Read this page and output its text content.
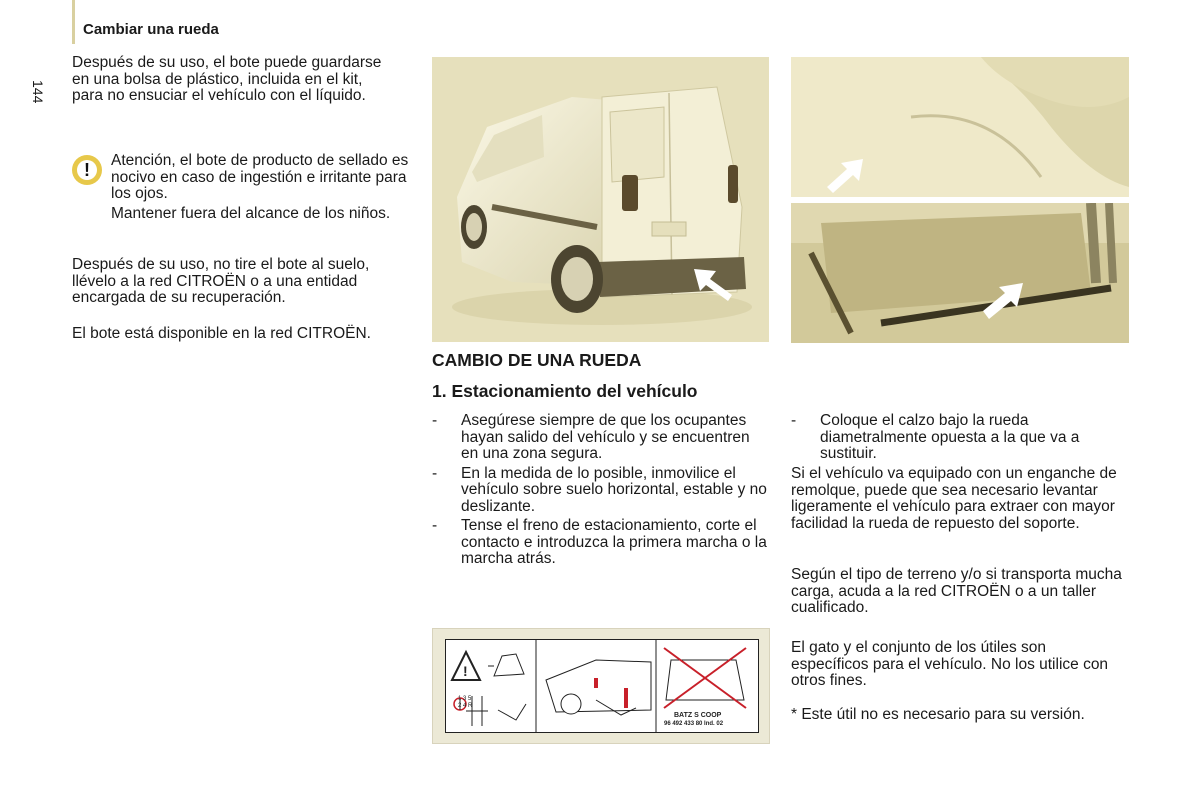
Cambiar una rueda
144

Después de su uso, el bote puede guardarse en una bolsa de plástico, incluida en el kit, para no ensuciar el vehículo con el líquido.

!	Atención, el bote de producto de sellado es nocivo en caso de ingestión e irritante para los ojos.

Mantener fuera del alcance de los niños.

Después de su uso, no tire el bote al suelo, llévelo a la red CITROËN o a una entidad encargada de su recuperación.

El bote está disponible en la red CITROËN.

CAMBIO DE UNA RUEDA
1. Estacionamiento del vehículo
- Asegúrese siempre de que los ocupantes hayan salido del vehículo y se encuentren en una zona segura.
- En la medida de lo posible, inmovilice el vehículo sobre suelo horizontal, estable y no deslizante.
- Tense el freno de estacionamiento, corte el contacto e introduzca la primera marcha o la marcha atrás.
- Coloque el calzo bajo la rueda diametralmente opuesta a la que va a sustituir.

Si el vehículo va equipado con un enganche de remolque, puede que sea necesario levantar ligeramente el vehículo para extraer con mayor facilidad la rueda de repuesto del soporte.

Según el tipo de terreno y/o si transporta mucha carga, acuda a la red CITROËN o a un taller cualificado.

!
1 3 5
2 4 R
BATZ S COOP
96 492 433 80 Ind. 02

El gato y el conjunto de los útiles son específicos para el vehículo. No los utilice con otros fines.

* Este útil no es necesario para su versión.
